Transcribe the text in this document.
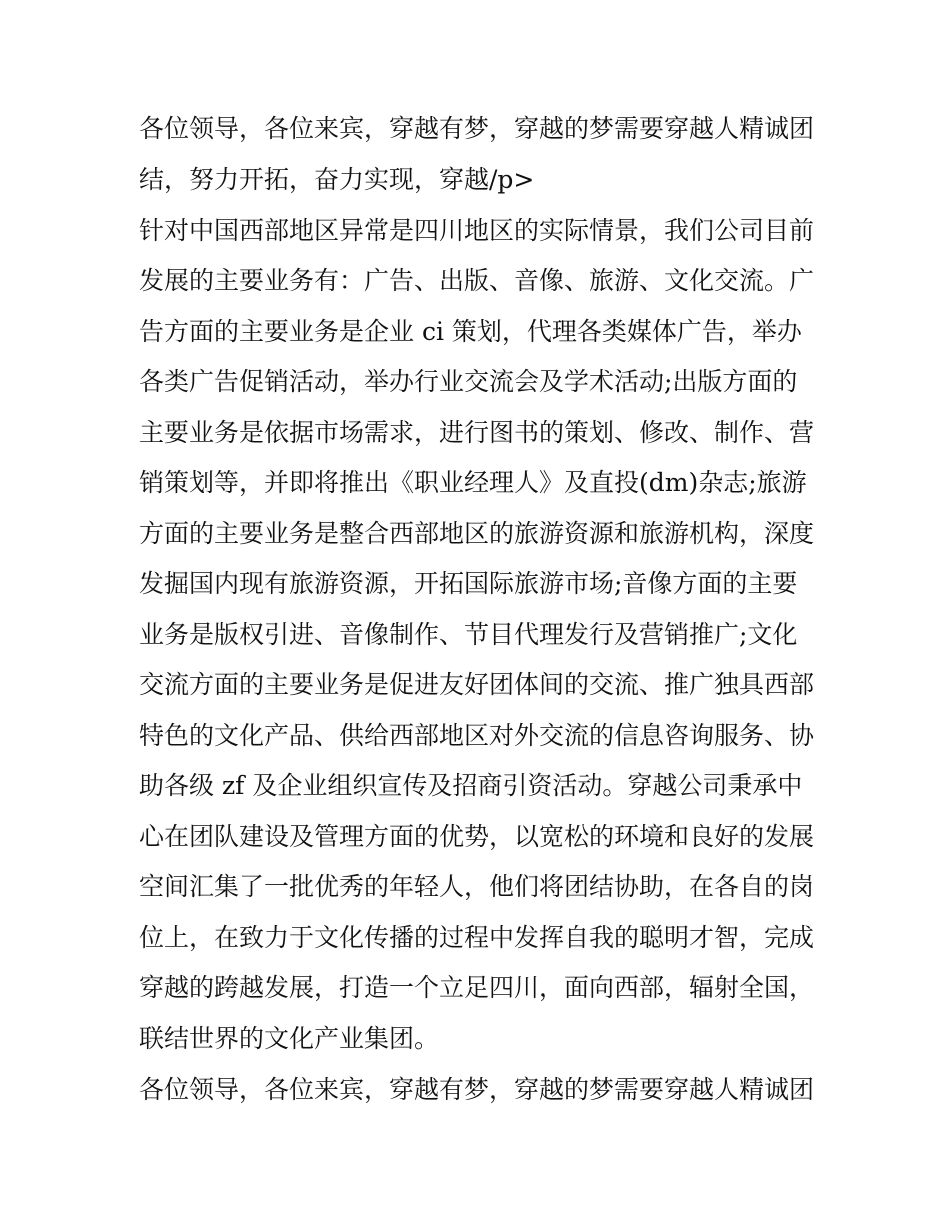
各位领导，各位来宾，穿越有梦，穿越的梦需要穿越人精诚团
结，努力开拓，奋力实现，穿越/p>
针对中国西部地区异常是四川地区的实际情景，我们公司目前
发展的主要业务有：广告、出版、音像、旅游、文化交流。广
告方面的主要业务是企业 ci 策划，代理各类媒体广告，举办
各类广告促销活动，举办行业交流会及学术活动;出版方面的
主要业务是依据市场需求，进行图书的策划、修改、制作、营
销策划等，并即将推出《职业经理人》及直投(dm)杂志;旅游
方面的主要业务是整合西部地区的旅游资源和旅游机构，深度
发掘国内现有旅游资源，开拓国际旅游市场;音像方面的主要
业务是版权引进、音像制作、节目代理发行及营销推广;文化
交流方面的主要业务是促进友好团体间的交流、推广独具西部
特色的文化产品、供给西部地区对外交流的信息咨询服务、协
助各级 zf 及企业组织宣传及招商引资活动。穿越公司秉承中
心在团队建设及管理方面的优势，以宽松的环境和良好的发展
空间汇集了一批优秀的年轻人，他们将团结协助，在各自的岗
位上，在致力于文化传播的过程中发挥自我的聪明才智，完成
穿越的跨越发展，打造一个立足四川，面向西部，辐射全国，
联结世界的文化产业集团。
各位领导，各位来宾，穿越有梦，穿越的梦需要穿越人精诚团
